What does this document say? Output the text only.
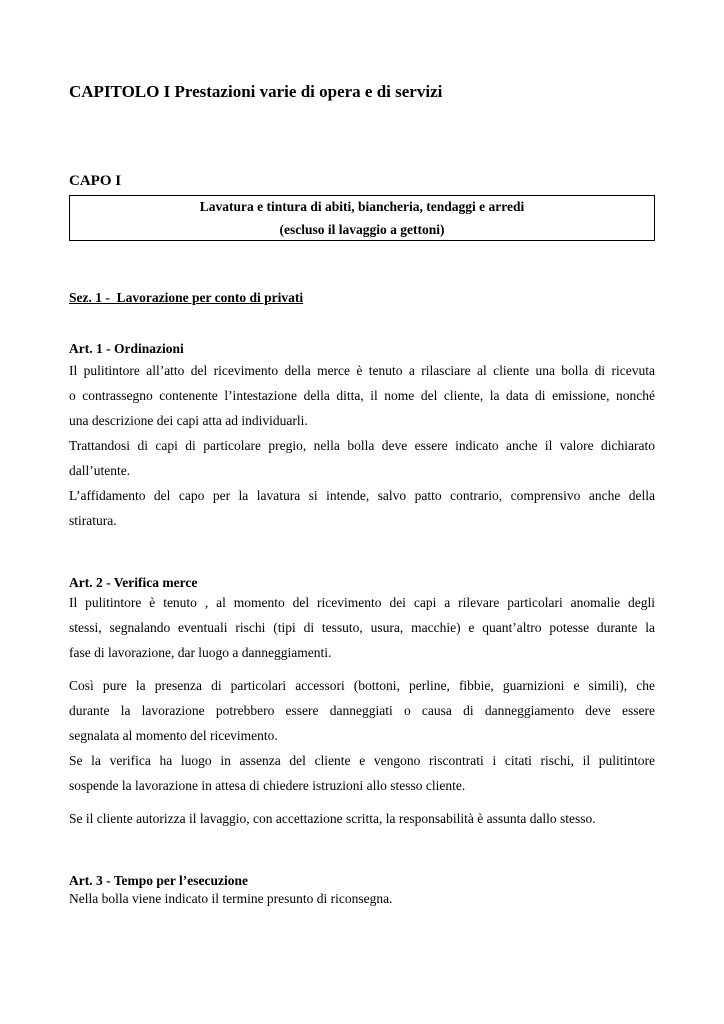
CAPITOLO I Prestazioni varie di opera e di servizi
CAPO I
Lavatura e tintura di abiti, biancheria, tendaggi e arredi
(escluso il lavaggio a gettoni)
Sez. 1 -  Lavorazione per conto di privati
Art. 1 - Ordinazioni
Il pulitintore all’atto del ricevimento della merce è tenuto a rilasciare al cliente una bolla di ricevuta
o contrassegno contenente l’intestazione della ditta, il nome del cliente, la data di emissione, nonché
una descrizione dei capi atta ad individuarli.
Trattandosi di capi di particolare pregio, nella bolla deve essere indicato anche il valore dichiarato
dall’utente.
L’affidamento del capo per la lavatura si intende, salvo patto contrario, comprensivo anche della
stiratura.
Art. 2 - Verifica merce
Il pulitintore è tenuto , al momento del ricevimento dei capi a rilevare particolari anomalie degli
stessi, segnalando eventuali rischi (tipi di tessuto, usura, macchie) e quant’altro potesse durante la
fase di lavorazione, dar luogo a danneggiamenti.
Così pure la presenza di particolari accessori (bottoni, perline, fibbie, guarnizioni e simili), che
durante la lavorazione potrebbero essere danneggiati o causa di danneggiamento deve essere
segnalata al momento del ricevimento.
Se la verifica ha luogo in assenza del cliente e vengono riscontrati i citati rischi, il pulitintore
sospende la lavorazione in attesa di chiedere istruzioni allo stesso cliente.
Se il cliente autorizza il lavaggio, con accettazione scritta, la responsabilità è assunta dallo stesso.
Art. 3 - Tempo per l’esecuzione
Nella bolla viene indicato il termine presunto di riconsegna.
